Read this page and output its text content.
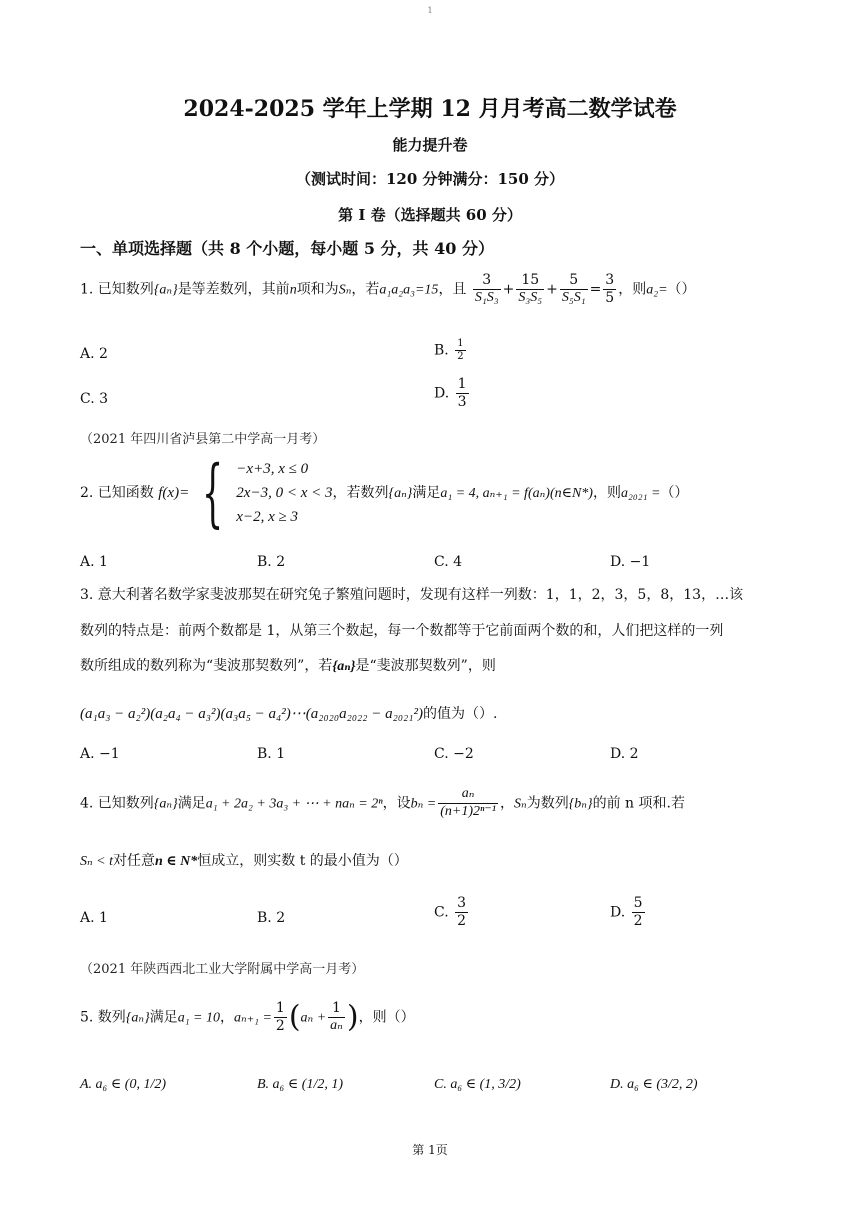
1
2024-2025 学年上学期 12 月月考高二数学试卷
能力提升卷
（测试时间：120 分钟满分：150 分）
第 I 卷（选择题共 60 分）
一、单项选择题（共 8 个小题，每小题 5 分，共 40 分）
1. 已知数列{aₙ}是等差数列，其前n项和为Sₙ，若a₁a₂a₃=15，且 $\frac{3}{\text{S₁S₃}} + \frac{15}{\text{S₃S₅}} + \frac{5}{\text{S₅S₁}} = \frac{3}{5}$ ，则a₂=（）
A. 2	B. $\frac{1}{2}$
C. 3	D. $\frac{1}{3}$
（2021 年四川省泸县第二中学高一月考）
2. 已知函数 f(x)= { −x+3, x ≤ 0
2x−3, 0 < x < 3
x−2, x ≥ 3
，若数列{aₙ}满足a₁ = 4, aₙ₊₁ = f(aₙ)(n∈N*)，则a₂₀₂₁ =（）
A. 1	B. 2	C. 4	D. −1
3. 意大利著名数学家斐波那契在研究兔子繁殖问题时，发现有这样一列数：1，1，2，3，5，8，13，…该
数列的特点是：前两个数都是 1，从第三个数起，每一个数都等于它前面两个数的和，人们把这样的一列
数所组成的数列称为“斐波那契数列”，若{aₙ}是“斐波那契数列”，则
(a₁a₃ − a₂²)(a₂a₄ − a₃²)(a₃a₅ − a₄²)⋯(a₂₀₂₀a₂₀₂₂ − a₂₀₂₁²)的值为（）.
A. −1	B. 1	C. −2	D. 2
4. 已知数列{aₙ}满足a₁ + 2a₂ + 3a₃ + ⋯ + naₙ = 2ⁿ，设$b_n = \frac{\text{aₙ}}{\text{(n+1)2ⁿ⁻¹}}$ ，Sₙ为数列{bₙ}的前 n 项和.若
Sₙ < t对任意n ∈ N*恒成立，则实数 t 的最小值为（）
A. 1	B. 2	C. $\frac{3}{2}$	D. $\frac{5}{2}$
（2021 年陕西西北工业大学附属中学高一月考）
5. 数列{aₙ}满足a₁ = 10，$a_{n+1} = \frac{1}{2} (a_n + \frac{1}{\text{aₙ}}$ )，则（）
A. a₆ ∈ (0, 1/2)	B. a₆ ∈ (1/2, 1)	C. a₆ ∈ (1, 3/2)	D. a₆ ∈ (3/2, 2)
第 1页
